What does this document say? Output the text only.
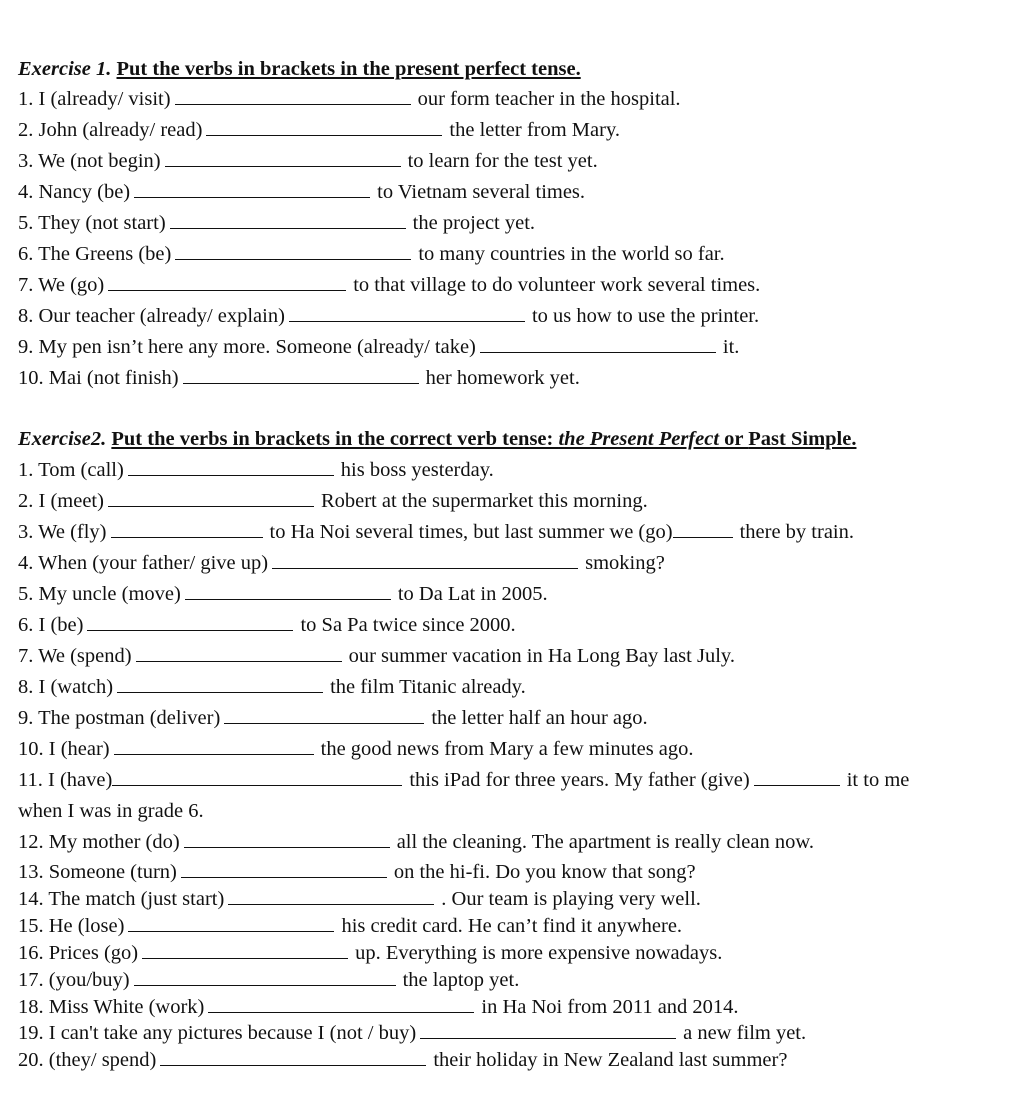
Exercise 1. Put the verbs in brackets in the present perfect tense.
1. I (already/ visit)	our form teacher in the hospital.
2. John (already/ read)	the letter from Mary.
3. We (not begin)	to learn for the test yet.
4. Nancy (be)	to Vietnam several times.
5. They (not start)	the project yet.
6. The Greens (be)	to many countries in the world so far.
7. We (go)	to that village to do volunteer work several times.
8. Our teacher (already/ explain)	to us how to use the printer.
9. My pen isn’t here any more. Someone (already/ take)	it.
10. Mai (not finish)	her homework yet.
Exercise2. Put the verbs in brackets in the correct verb tense: the Present Perfect or Past Simple.
1. Tom (call)	his boss yesterday.
2. I (meet)	Robert at the supermarket this morning.
3. We (fly)	to Ha Noi several times, but last summer we (go)	there by train.
4. When (your father/ give up)	smoking?
5. My uncle (move)	to Da Lat in 2005.
6. I (be)	to Sa Pa twice since 2000.
7. We (spend)	our summer vacation in Ha Long Bay last July.
8. I (watch)	the film Titanic already.
9. The postman (deliver)	the letter half an hour ago.
10. I (hear)	the good news from Mary a few minutes ago.
11. I (have)	this iPad for three years. My father (give)	it to me
when I was in grade 6.
12. My mother (do)	all the cleaning. The apartment is really clean now.
13. Someone (turn)	on the hi-fi. Do you know that song?
14. The match (just start)	. Our team is playing very well.
15. He (lose)	his credit card. He can’t find it anywhere.
16. Prices (go)	up. Everything is more expensive nowadays.
17. (you/buy)	the laptop yet.
18. Miss White (work)	in Ha Noi from 2011 and 2014.
19. I can't take any pictures because I (not / buy)	a new film yet.
20. (they/ spend)	their holiday in New Zealand last summer?
